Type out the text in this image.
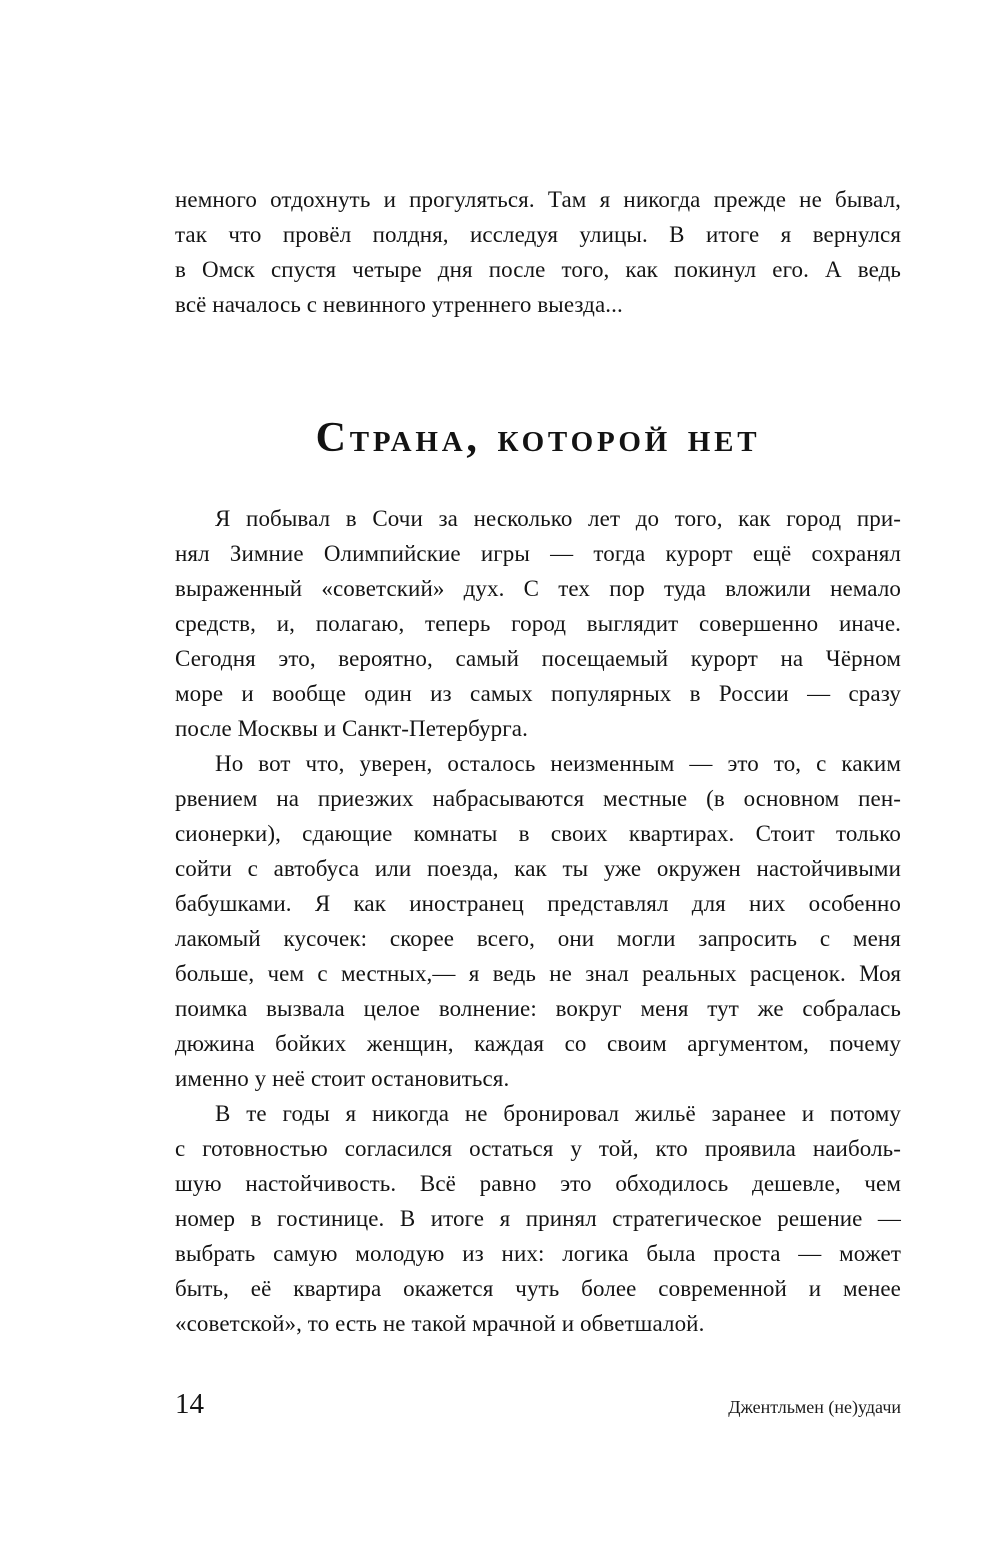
немного отдохнуть и прогуляться. Там я никогда прежде не бывал,
так что провёл полдня, исследуя улицы. В итоге я вернулся
в Омск спустя четыре дня после того, как покинул его. А ведь
всё началось с невинного утреннего выезда...
Страна, которой нет
Я побывал в Сочи за несколько лет до того, как город при-
нял Зимние Олимпийские игры — тогда курорт ещё сохранял
выраженный «советский» дух. С тех пор туда вложили немало
средств, и, полагаю, теперь город выглядит совершенно иначе.
Сегодня это, вероятно, самый посещаемый курорт на Чёрном
море и вообще один из самых популярных в России — сразу
после Москвы и Санкт-Петербурга.
Но вот что, уверен, осталось неизменным — это то, с каким
рвением на приезжих набрасываются местные (в основном пен-
сионерки), сдающие комнаты в своих квартирах. Стоит только
сойти с автобуса или поезда, как ты уже окружен настойчивыми
бабушками. Я как иностранец представлял для них особенно
лакомый кусочек: скорее всего, они могли запросить с меня
больше, чем с местных,— я ведь не знал реальных расценок. Моя
поимка вызвала целое волнение: вокруг меня тут же собралась
дюжина бойких женщин, каждая со своим аргументом, почему
именно у неё стоит остановиться.
В те годы я никогда не бронировал жильё заранее и потому
с готовностью согласился остаться у той, кто проявила наиболь-
шую настойчивость. Всё равно это обходилось дешевле, чем
номер в гостинице. В итоге я принял стратегическое решение —
выбрать самую молодую из них: логика была проста — может
быть, её квартира окажется чуть более современной и менее
«советской», то есть не такой мрачной и обветшалой.
14	Джентльмен (не)удачи
